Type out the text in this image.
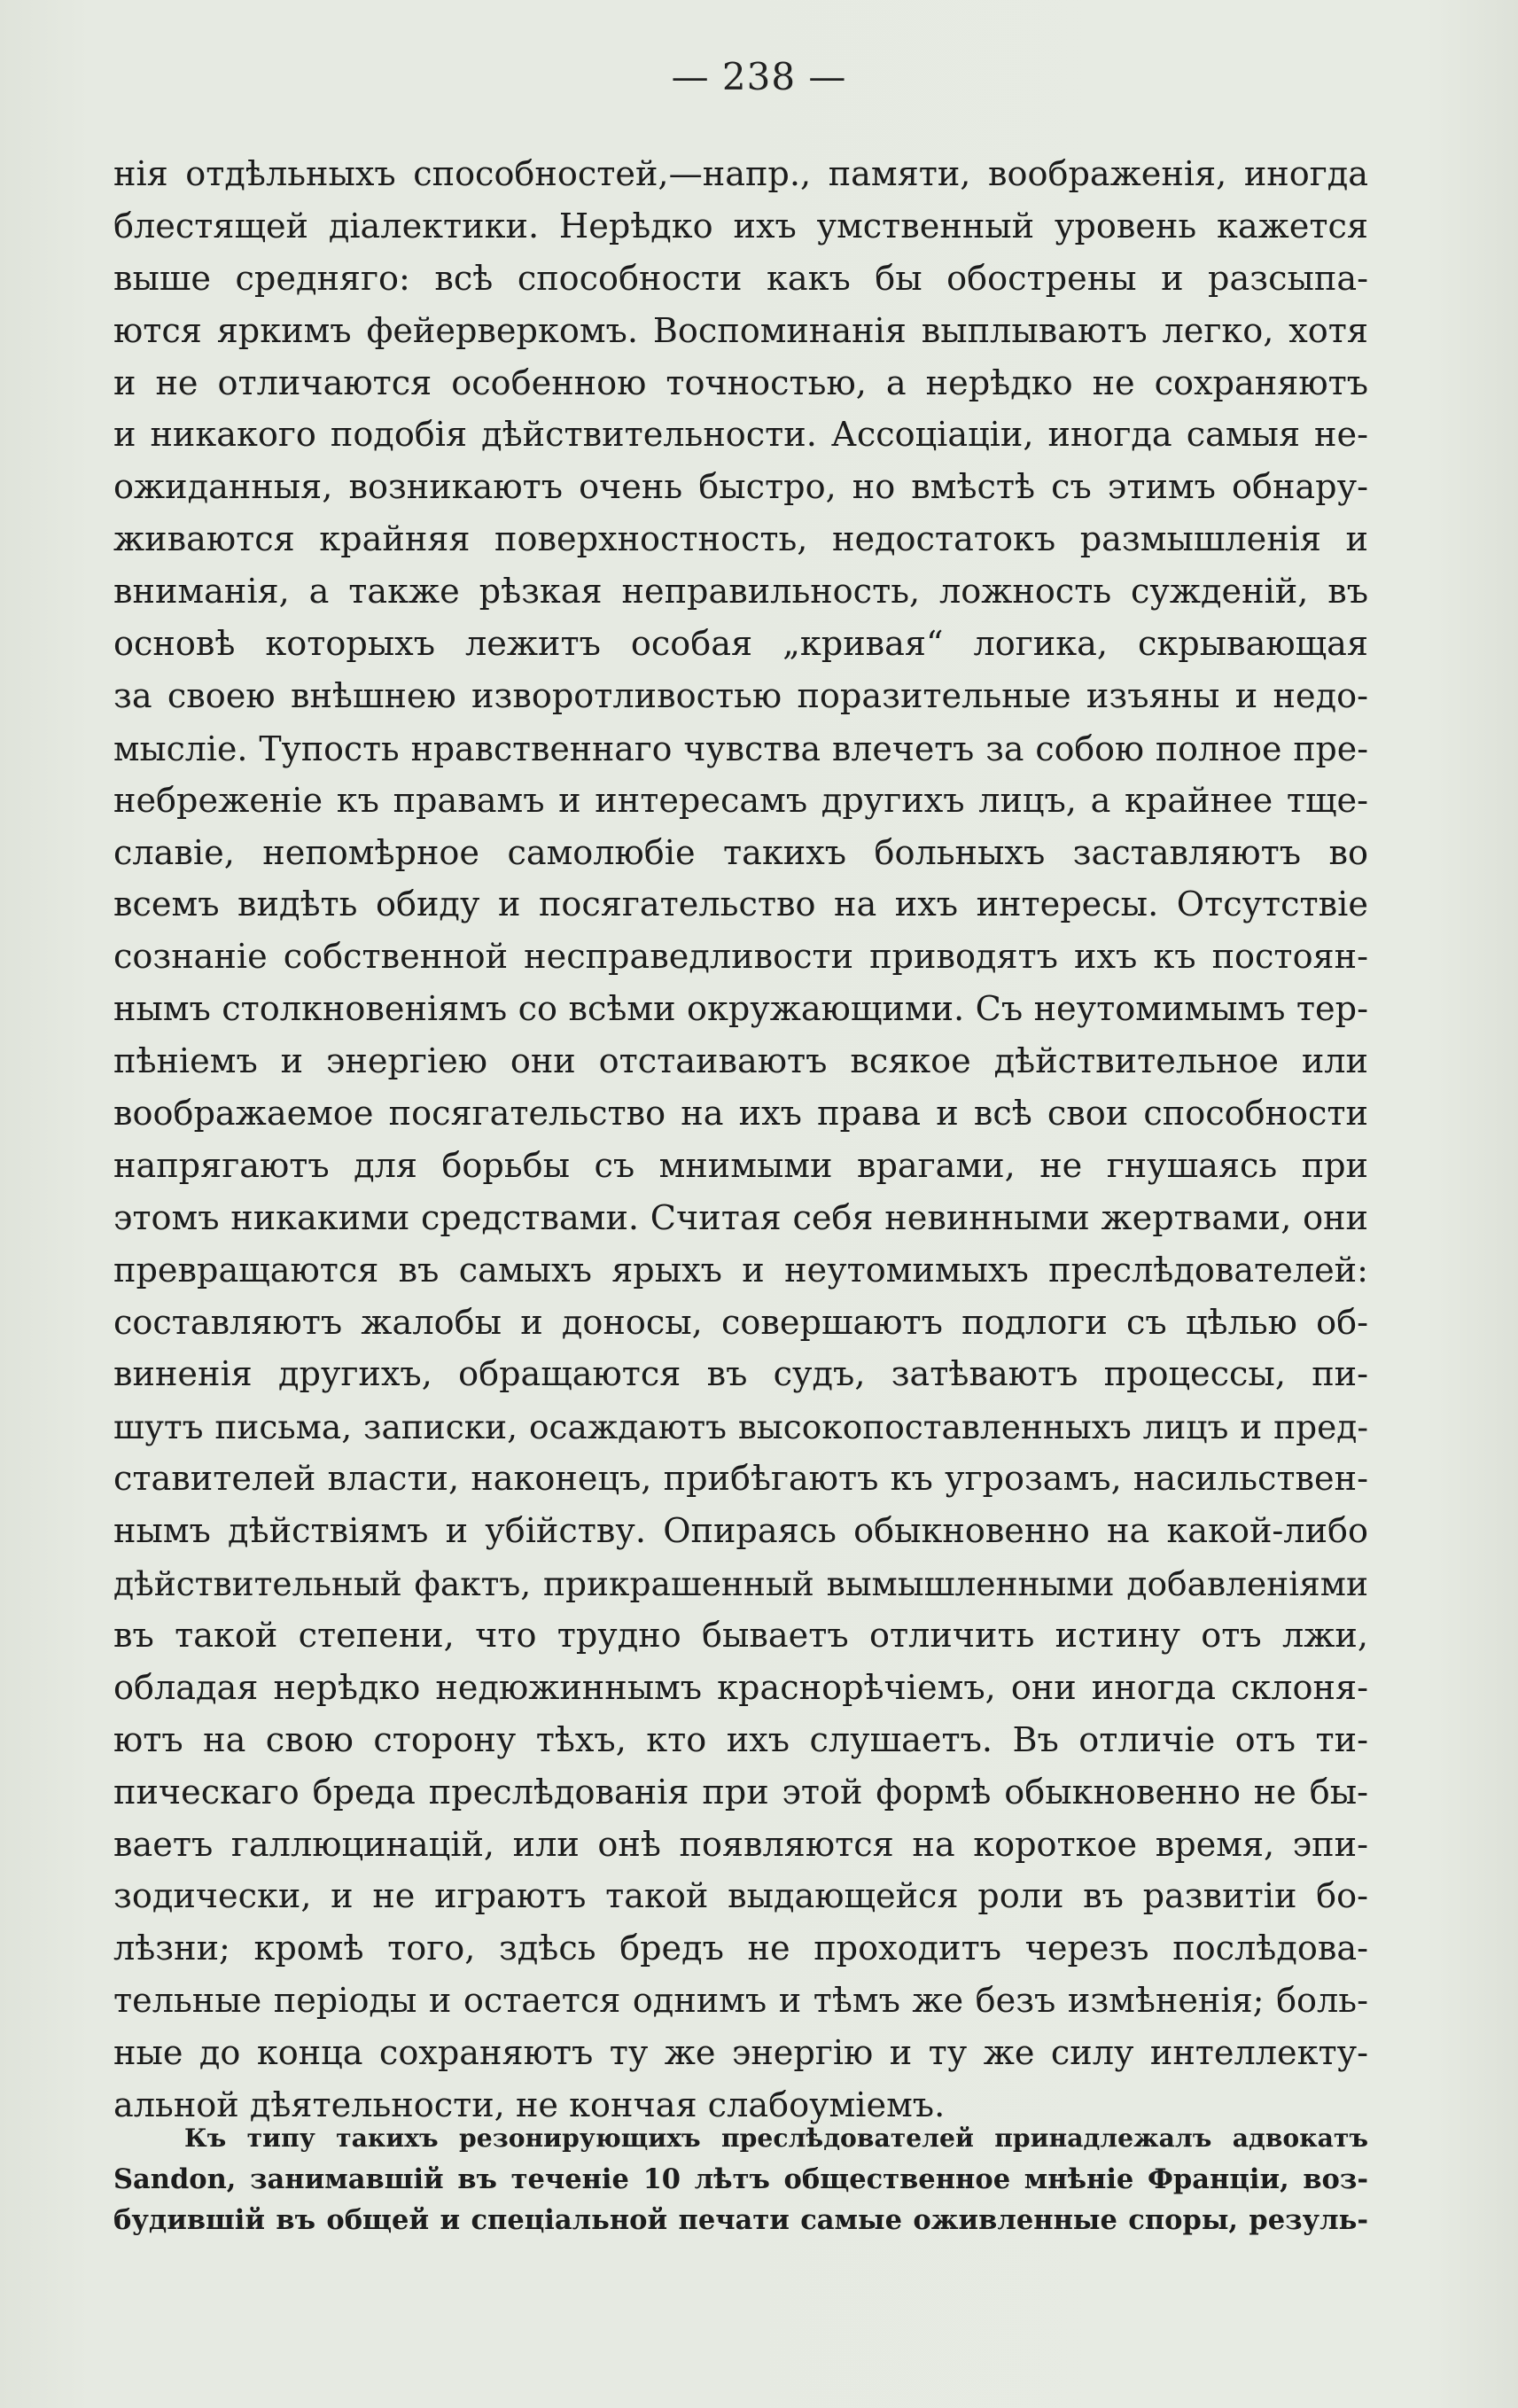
— 238 —
нія отдѣльныхъ способностей,—напр., памяти, воображенія, иногда
блестящей діалектики. Нерѣдко ихъ умственный уровень кажется
выше средняго: всѣ способности какъ бы обострены и разсыпа-
ются яркимъ фейерверкомъ. Воспоминанія выплываютъ легко, хотя
и не отличаются особенною точностью, а нерѣдко не сохраняютъ
и никакого подобія дѣйствительности. Ассоціаціи, иногда самыя не-
ожиданныя, возникаютъ очень быстро, но вмѣстѣ съ этимъ обнару-
живаются крайняя поверхностность, недостатокъ размышленія и
вниманія, а также рѣзкая неправильность, ложность сужденій, въ
основѣ которыхъ лежитъ особая „кривая“ логика, скрывающая
за своею внѣшнею изворотливостью поразительные изъяны и недо-
мысліе. Тупость нравственнаго чувства влечетъ за собою полное пре-
небреженіе къ правамъ и интересамъ другихъ лицъ, а крайнее тще-
славіе, непомѣрное самолюбіе такихъ больныхъ заставляютъ во
всемъ видѣть обиду и посягательство на ихъ интересы. Отсутствіе
сознаніе собственной несправедливости приводятъ ихъ къ постоян-
нымъ столкновеніямъ со всѣми окружающими. Съ неутомимымъ тер-
пѣніемъ и энергіею они отстаиваютъ всякое дѣйствительное или
воображаемое посягательство на ихъ права и всѣ свои способности
напрягаютъ для борьбы съ мнимыми врагами, не гнушаясь при
этомъ никакими средствами. Считая себя невинными жертвами, они
превращаются въ самыхъ ярыхъ и неутомимыхъ преслѣдователей:
составляютъ жалобы и доносы, совершаютъ подлоги съ цѣлью об-
виненія другихъ, обращаются въ судъ, затѣваютъ процессы, пи-
шутъ письма, записки, осаждаютъ высокопоставленныхъ лицъ и пред-
ставителей власти, наконецъ, прибѣгаютъ къ угрозамъ, насильствен-
нымъ дѣйствіямъ и убійству. Опираясь обыкновенно на какой-либо
дѣйствительный фактъ, прикрашенный вымышленными добавленіями
въ такой степени, что трудно бываетъ отличить истину отъ лжи,
обладая нерѣдко недюжиннымъ краснорѣчіемъ, они иногда склоня-
ютъ на свою сторону тѣхъ, кто ихъ слушаетъ. Въ отличіе отъ ти-
пическаго бреда преслѣдованія при этой формѣ обыкновенно не бы-
ваетъ галлюцинацій, или онѣ появляются на короткое время, эпи-
зодически, и не играютъ такой выдающейся роли въ развитіи бо-
лѣзни; кромѣ того, здѣсь бредъ не проходитъ черезъ послѣдова-
тельные періоды и остается однимъ и тѣмъ же безъ измѣненія; боль-
ные до конца сохраняютъ ту же энергію и ту же силу интеллекту-
альной дѣятельности, не кончая слабоуміемъ.
Къ типу такихъ резонирующихъ преслѣдователей принадлежалъ адвокатъ
Sandon, занимавшій въ теченіе 10 лѣтъ общественное мнѣніе Франціи, воз-
будившій въ общей и спеціальной печати самые оживленные споры, резуль-
